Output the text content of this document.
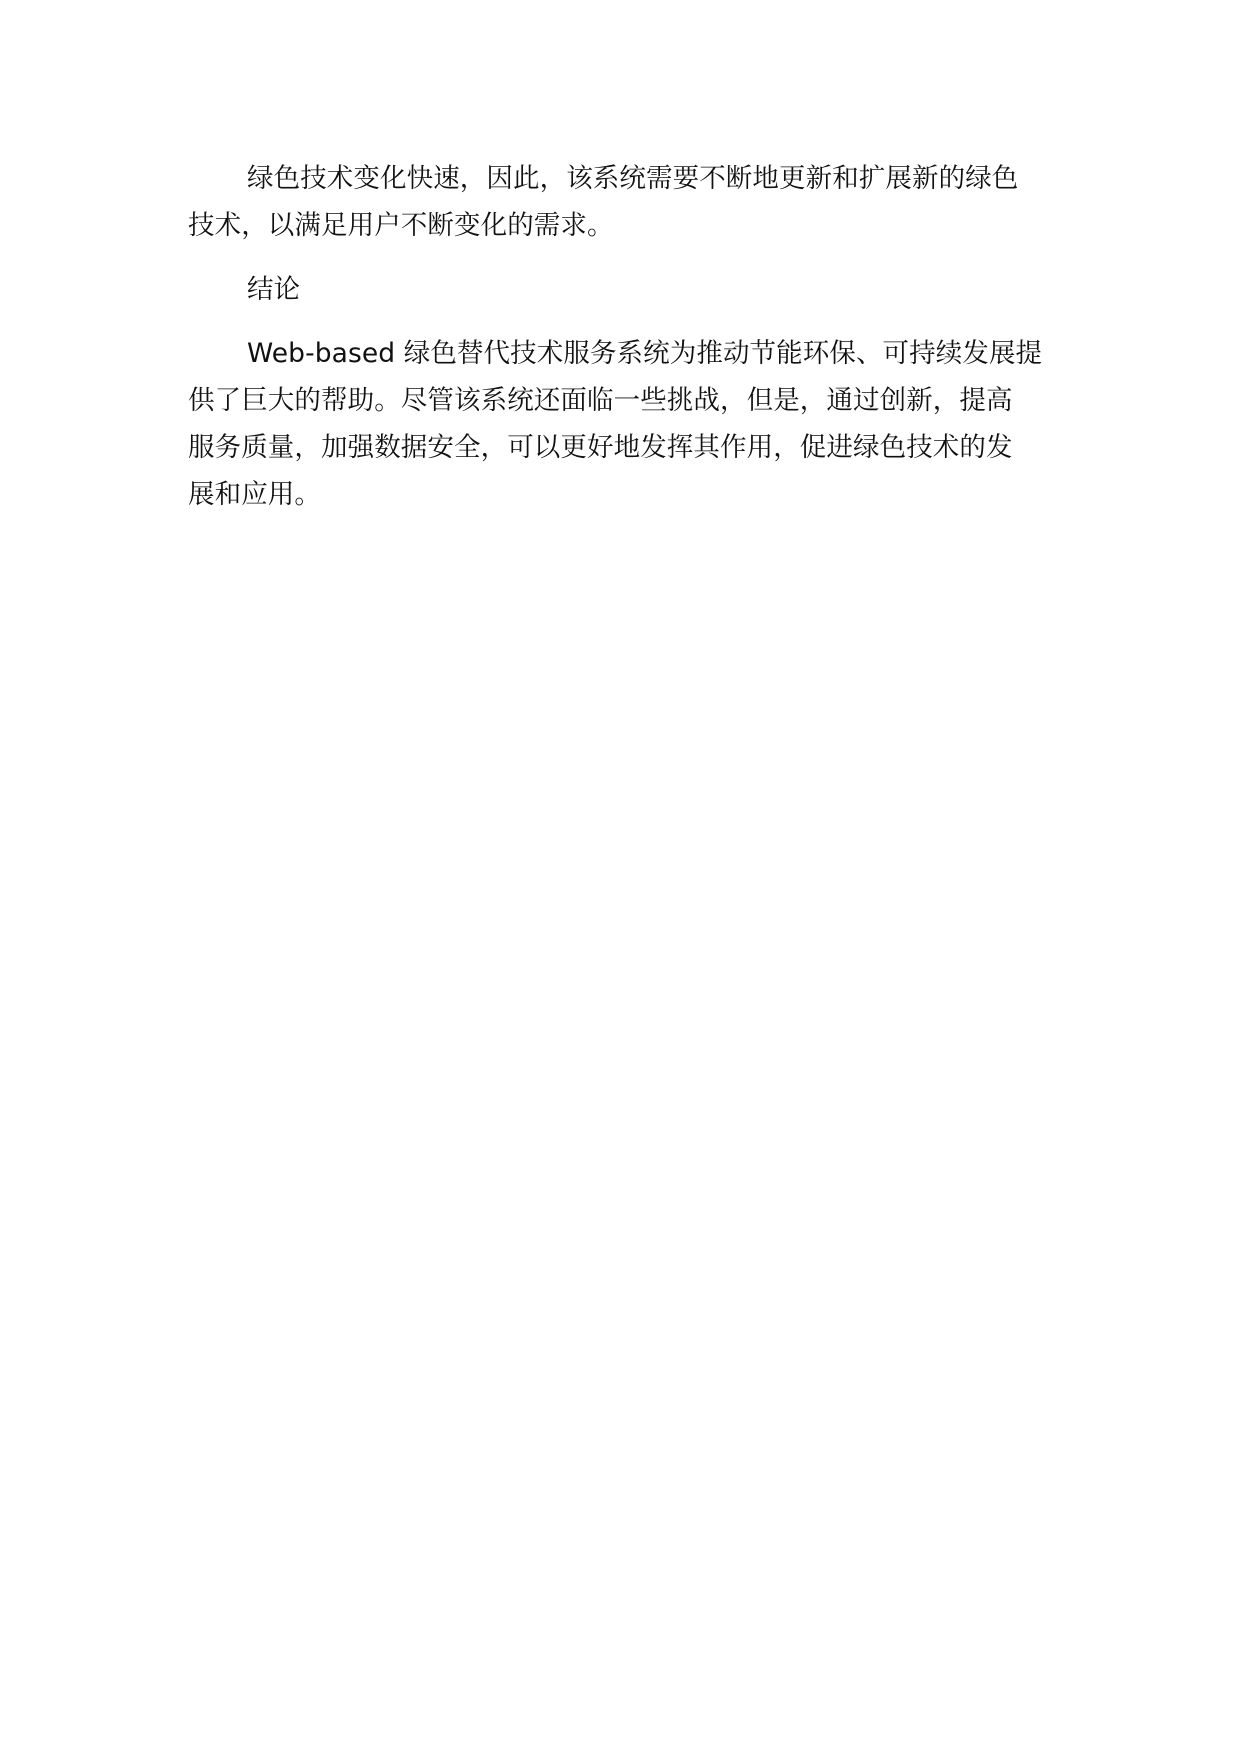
绿色技术变化快速，因此，该系统需要不断地更新和扩展新的绿色
技术，以满足用户不断变化的需求。
结论
Web-based 绿色替代技术服务系统为推动节能环保、可持续发展提
供了巨大的帮助。尽管该系统还面临一些挑战，但是，通过创新，提高
服务质量，加强数据安全，可以更好地发挥其作用，促进绿色技术的发
展和应用。
